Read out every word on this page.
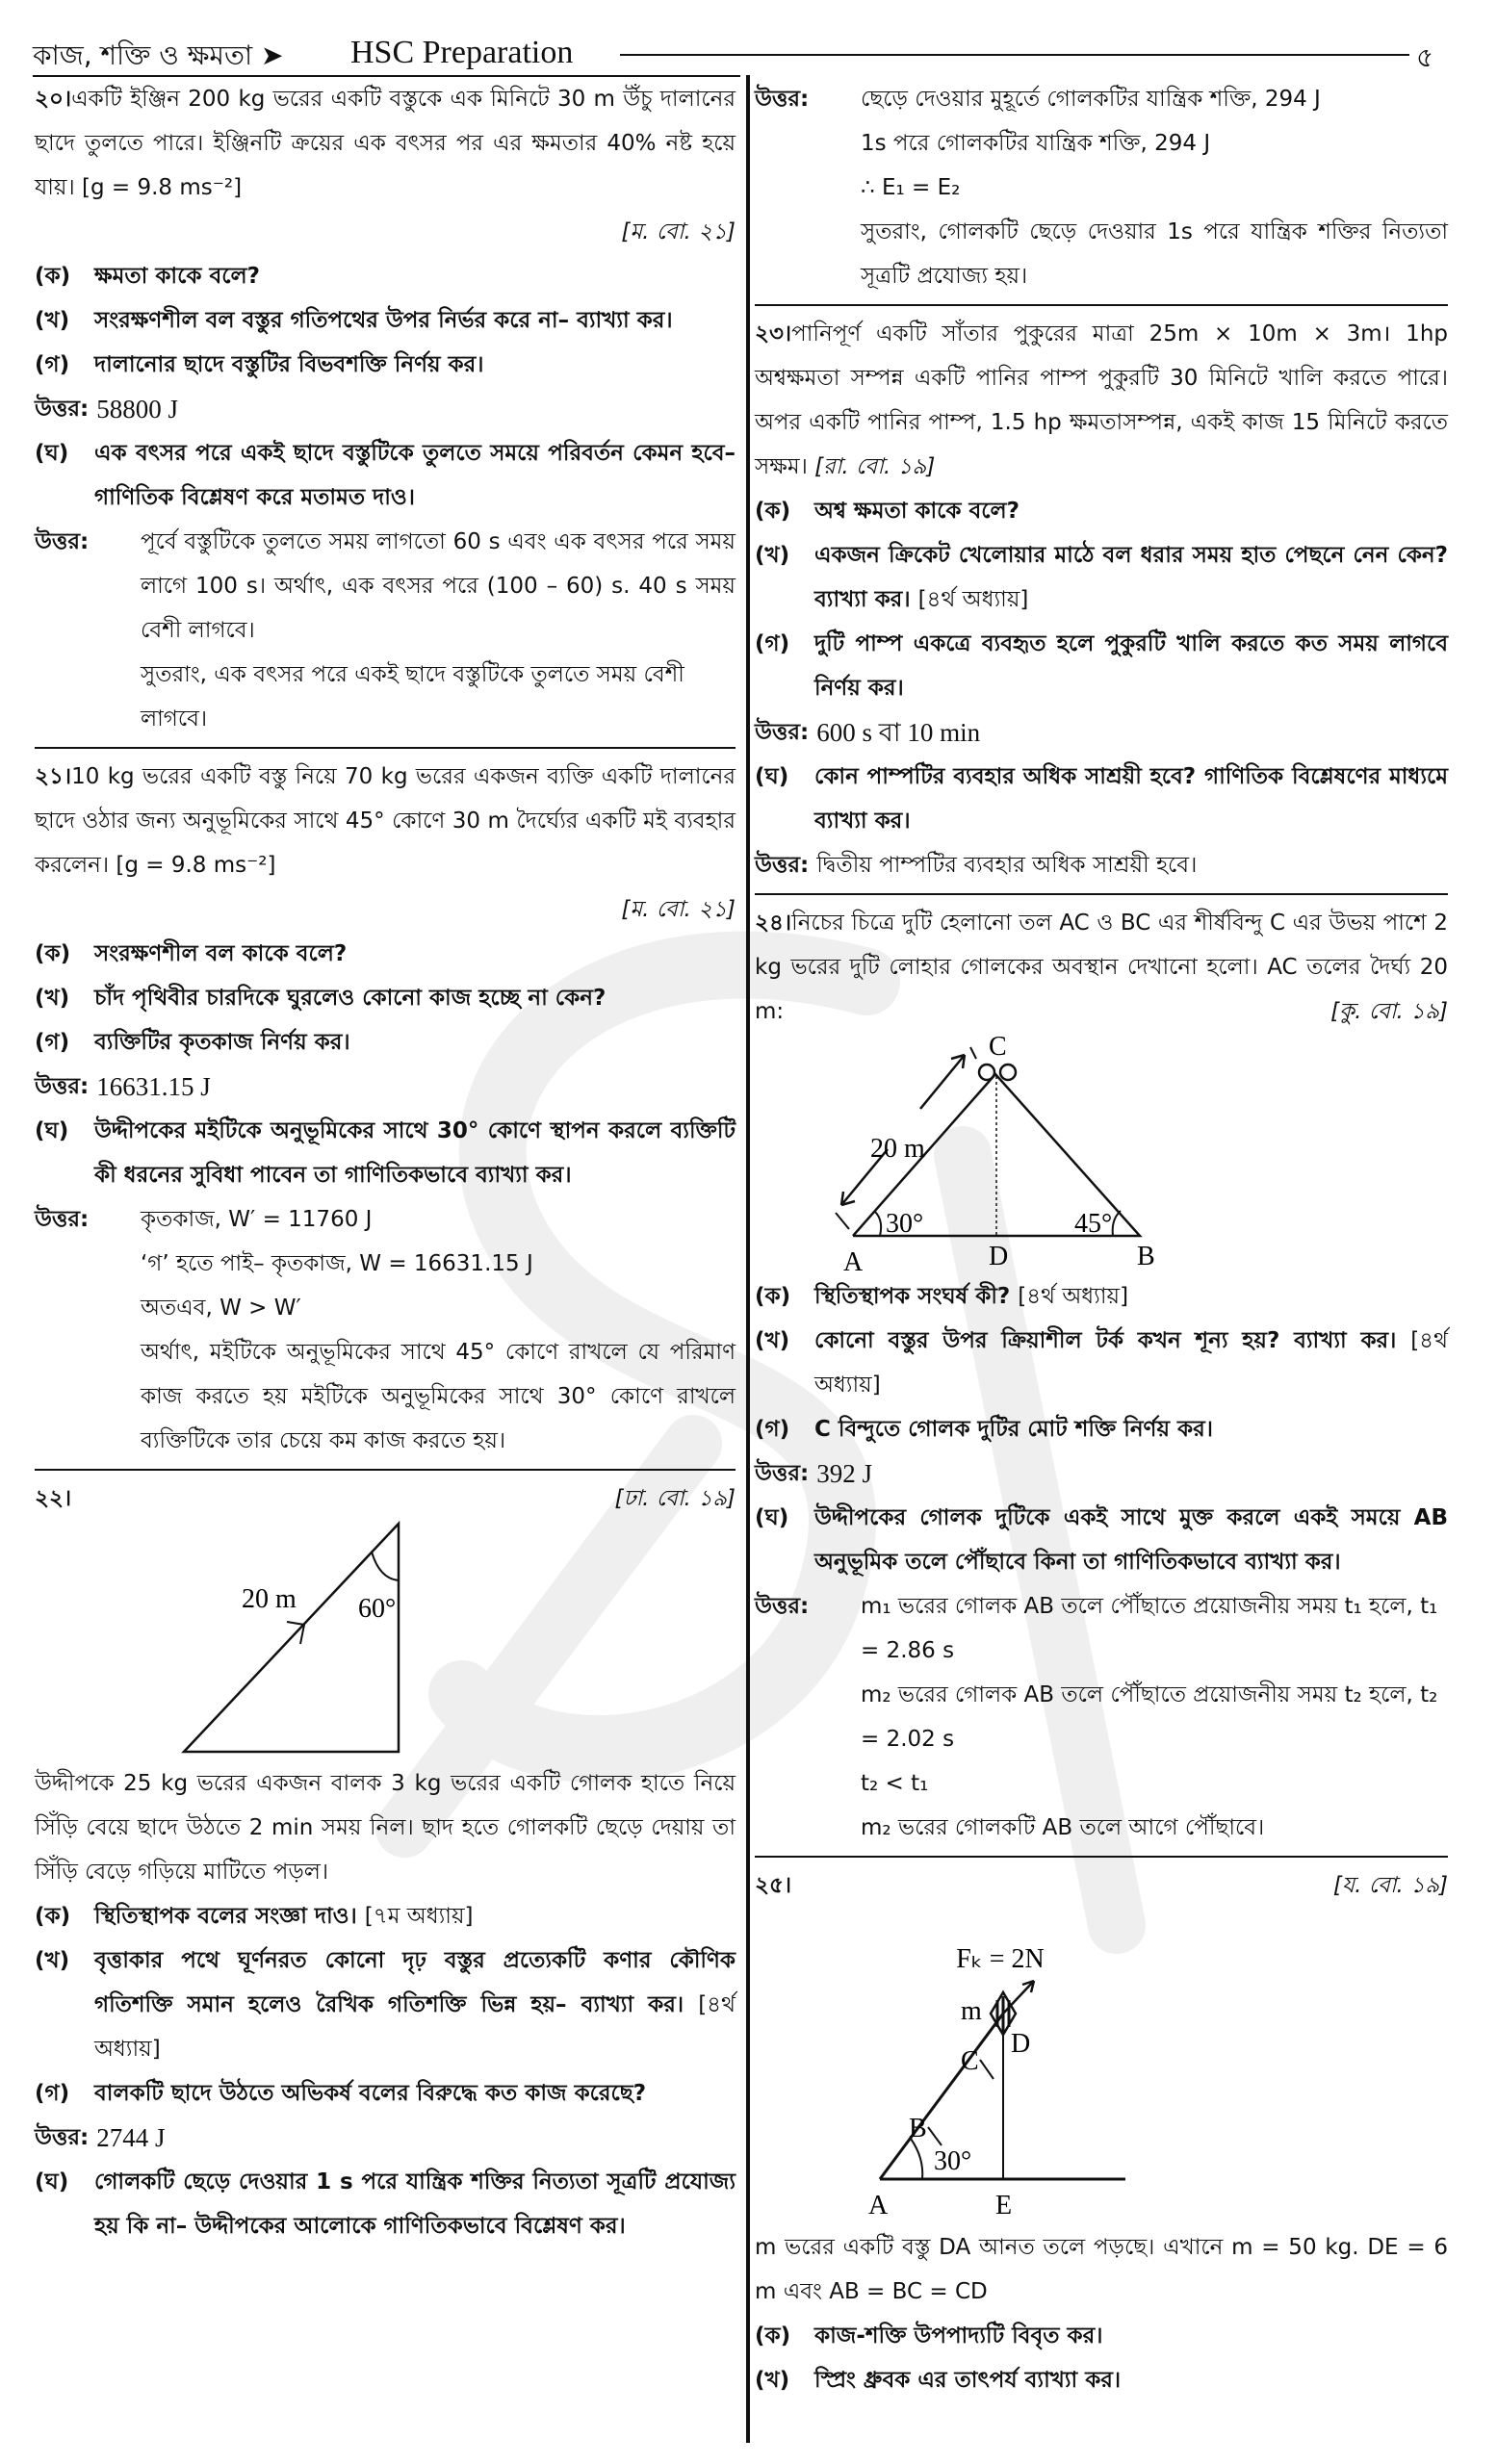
কাজ, শক্তি ও ক্ষমতা ➤ HSC Preparation	৫
২০।একটি ইঞ্জিন 200 kg ভরের একটি বস্তুকে এক মিনিটে 30 m উঁচু দালানের ছাদে তুলতে পারে। ইঞ্জিনটি ক্রয়ের এক বৎসর পর এর ক্ষমতার 40% নষ্ট হয়ে যায়। [g = 9.8 ms⁻²]
[ম. বো. ২১]
(ক)	ক্ষমতা কাকে বলে?
(খ)	সংরক্ষণশীল বল বস্তুর গতিপথের উপর নির্ভর করে না– ব্যাখ্যা কর।
(গ)	দালানোর ছাদে বস্তুটির বিভবশক্তি নির্ণয় কর।
উত্তর: 58800 J
(ঘ)	এক বৎসর পরে একই ছাদে বস্তুটিকে তুলতে সময়ে পরিবর্তন কেমন হবে– গাণিতিক বিশ্লেষণ করে মতামত দাও।
উত্তর:	পূর্বে বস্তুটিকে তুলতে সময় লাগতো 60 s এবং এক বৎসর পরে সময় লাগে 100 s। অর্থাৎ, এক বৎসর পরে (100 – 60) s. 40 s সময় বেশী লাগবে।
সুতরাং, এক বৎসর পরে একই ছাদে বস্তুটিকে তুলতে সময় বেশী লাগবে।
২১।10 kg ভরের একটি বস্তু নিয়ে 70 kg ভরের একজন ব্যক্তি একটি দালানের ছাদে ওঠার জন্য অনুভূমিকের সাথে 45° কোণে 30 m দৈর্ঘ্যের একটি মই ব্যবহার করলেন। [g = 9.8 ms⁻²]
[ম. বো. ২১]
(ক)	সংরক্ষণশীল বল কাকে বলে?
(খ)	চাঁদ পৃথিবীর চারদিকে ঘুরলেও কোনো কাজ হচ্ছে না কেন?
(গ)	ব্যক্তিটির কৃতকাজ নির্ণয় কর।
উত্তর: 16631.15 J
(ঘ)	উদ্দীপকের মইটিকে অনুভূমিকের সাথে 30° কোণে স্থাপন করলে ব্যক্তিটি কী ধরনের সুবিধা পাবেন তা গাণিতিকভাবে ব্যাখ্যা কর।
উত্তর:	কৃতকাজ, W′ = 11760 J
‘গ’ হতে পাই– কৃতকাজ, W = 16631.15 J
অতএব, W > W′
অর্থাৎ, মইটিকে অনুভূমিকের সাথে 45° কোণে রাখলে যে পরিমাণ কাজ করতে হয় মইটিকে অনুভূমিকের সাথে 30° কোণে রাখলে ব্যক্তিটিকে তার চেয়ে কম কাজ করতে হয়।
২২।	[ঢা. বো. ১৯]
20 m 60°
উদ্দীপকে 25 kg ভরের একজন বালক 3 kg ভরের একটি গোলক হাতে নিয়ে সিঁড়ি বেয়ে ছাদে উঠতে 2 min সময় নিল। ছাদ হতে গোলকটি ছেড়ে দেয়ায় তা সিঁড়ি বেড়ে গড়িয়ে মাটিতে পড়ল।
(ক)	স্থিতিস্থাপক বলের সংজ্ঞা দাও। [৭ম অধ্যায়]
(খ)	বৃত্তাকার পথে ঘূর্ণনরত কোনো দৃঢ় বস্তুর প্রত্যেকটি কণার কৌণিক গতিশক্তি সমান হলেও রৈখিক গতিশক্তি ভিন্ন হয়– ব্যাখ্যা কর। [৪র্থ অধ্যায়]
(গ)	বালকটি ছাদে উঠতে অভিকর্ষ বলের বিরুদ্ধে কত কাজ করেছে?
উত্তর: 2744 J
(ঘ)	গোলকটি ছেড়ে দেওয়ার 1 s পরে যান্ত্রিক শক্তির নিত্যতা সূত্রটি প্রযোজ্য হয় কি না– উদ্দীপকের আলোকে গাণিতিকভাবে বিশ্লেষণ কর।
উত্তর:	ছেড়ে দেওয়ার মুহূর্তে গোলকটির যান্ত্রিক শক্তি, 294 J
1s পরে গোলকটির যান্ত্রিক শক্তি, 294 J
∴ E₁ = E₂
সুতরাং, গোলকটি ছেড়ে দেওয়ার 1s পরে যান্ত্রিক শক্তির নিত্যতা সূত্রটি প্রযোজ্য হয়।
২৩।পানিপূর্ণ একটি সাঁতার পুকুরের মাত্রা 25m × 10m × 3m। 1hp অশ্বক্ষমতা সম্পন্ন একটি পানির পাম্প পুকুরটি 30 মিনিটে খালি করতে পারে। অপর একটি পানির পাম্প, 1.5 hp ক্ষমতাসম্পন্ন, একই কাজ 15 মিনিটে করতে সক্ষম। [রা. বো. ১৯]
(ক)	অশ্ব ক্ষমতা কাকে বলে?
(খ)	একজন ক্রিকেট খেলোয়ার মাঠে বল ধরার সময় হাত পেছনে নেন কেন? ব্যাখ্যা কর। [৪র্থ অধ্যায়]
(গ)	দুটি পাম্প একত্রে ব্যবহৃত হলে পুকুরটি খালি করতে কত সময় লাগবে নির্ণয় কর।
উত্তর: 600 s বা 10 min
(ঘ)	কোন পাম্পটির ব্যবহার অধিক সাশ্রয়ী হবে? গাণিতিক বিশ্লেষণের মাধ্যমে ব্যাখ্যা কর।
উত্তর: দ্বিতীয় পাম্পটির ব্যবহার অধিক সাশ্রয়ী হবে।
২৪।নিচের চিত্রে দুটি হেলানো তল AC ও BC এর শীর্ষবিন্দু C এর উভয় পাশে 2 kg ভরের দুটি লোহার গোলকের অবস্থান দেখানো হলো। AC তলের দৈর্ঘ্য 20 m:	[কু. বো. ১৯]
C
20 m
30°	45°
A	D	B
(ক)	স্থিতিস্থাপক সংঘর্ষ কী? [৪র্থ অধ্যায়]
(খ)	কোনো বস্তুর উপর ক্রিয়াশীল টর্ক কখন শূন্য হয়? ব্যাখ্যা কর। [৪র্থ অধ্যায়]
(গ)	C বিন্দুতে গোলক দুটির মোট শক্তি নির্ণয় কর।
উত্তর: 392 J
(ঘ)	উদ্দীপকের গোলক দুটিকে একই সাথে মুক্ত করলে একই সময়ে AB অনুভূমিক তলে পৌঁছাবে কিনা তা গাণিতিকভাবে ব্যাখ্যা কর।
উত্তর:	m₁ ভরের গোলক AB তলে পৌঁছাতে প্রয়োজনীয় সময় t₁ হলে, t₁ = 2.86 s
m₂ ভরের গোলক AB তলে পৌঁছাতে প্রয়োজনীয় সময় t₂ হলে, t₂ = 2.02 s
t₂ < t₁
m₂ ভরের গোলকটি AB তলে আগে পৌঁছাবে।
২৫।	[য. বো. ১৯]
Fₖ = 2N
m
D
C
B
30°
A	E
m ভরের একটি বস্তু DA আনত তলে পড়ছে। এখানে m = 50 kg. DE = 6 m এবং AB = BC = CD
(ক)	কাজ-শক্তি উপপাদ্যটি বিবৃত কর।
(খ)	স্প্রিং ধ্রুবক এর তাৎপর্য ব্যাখ্যা কর।
